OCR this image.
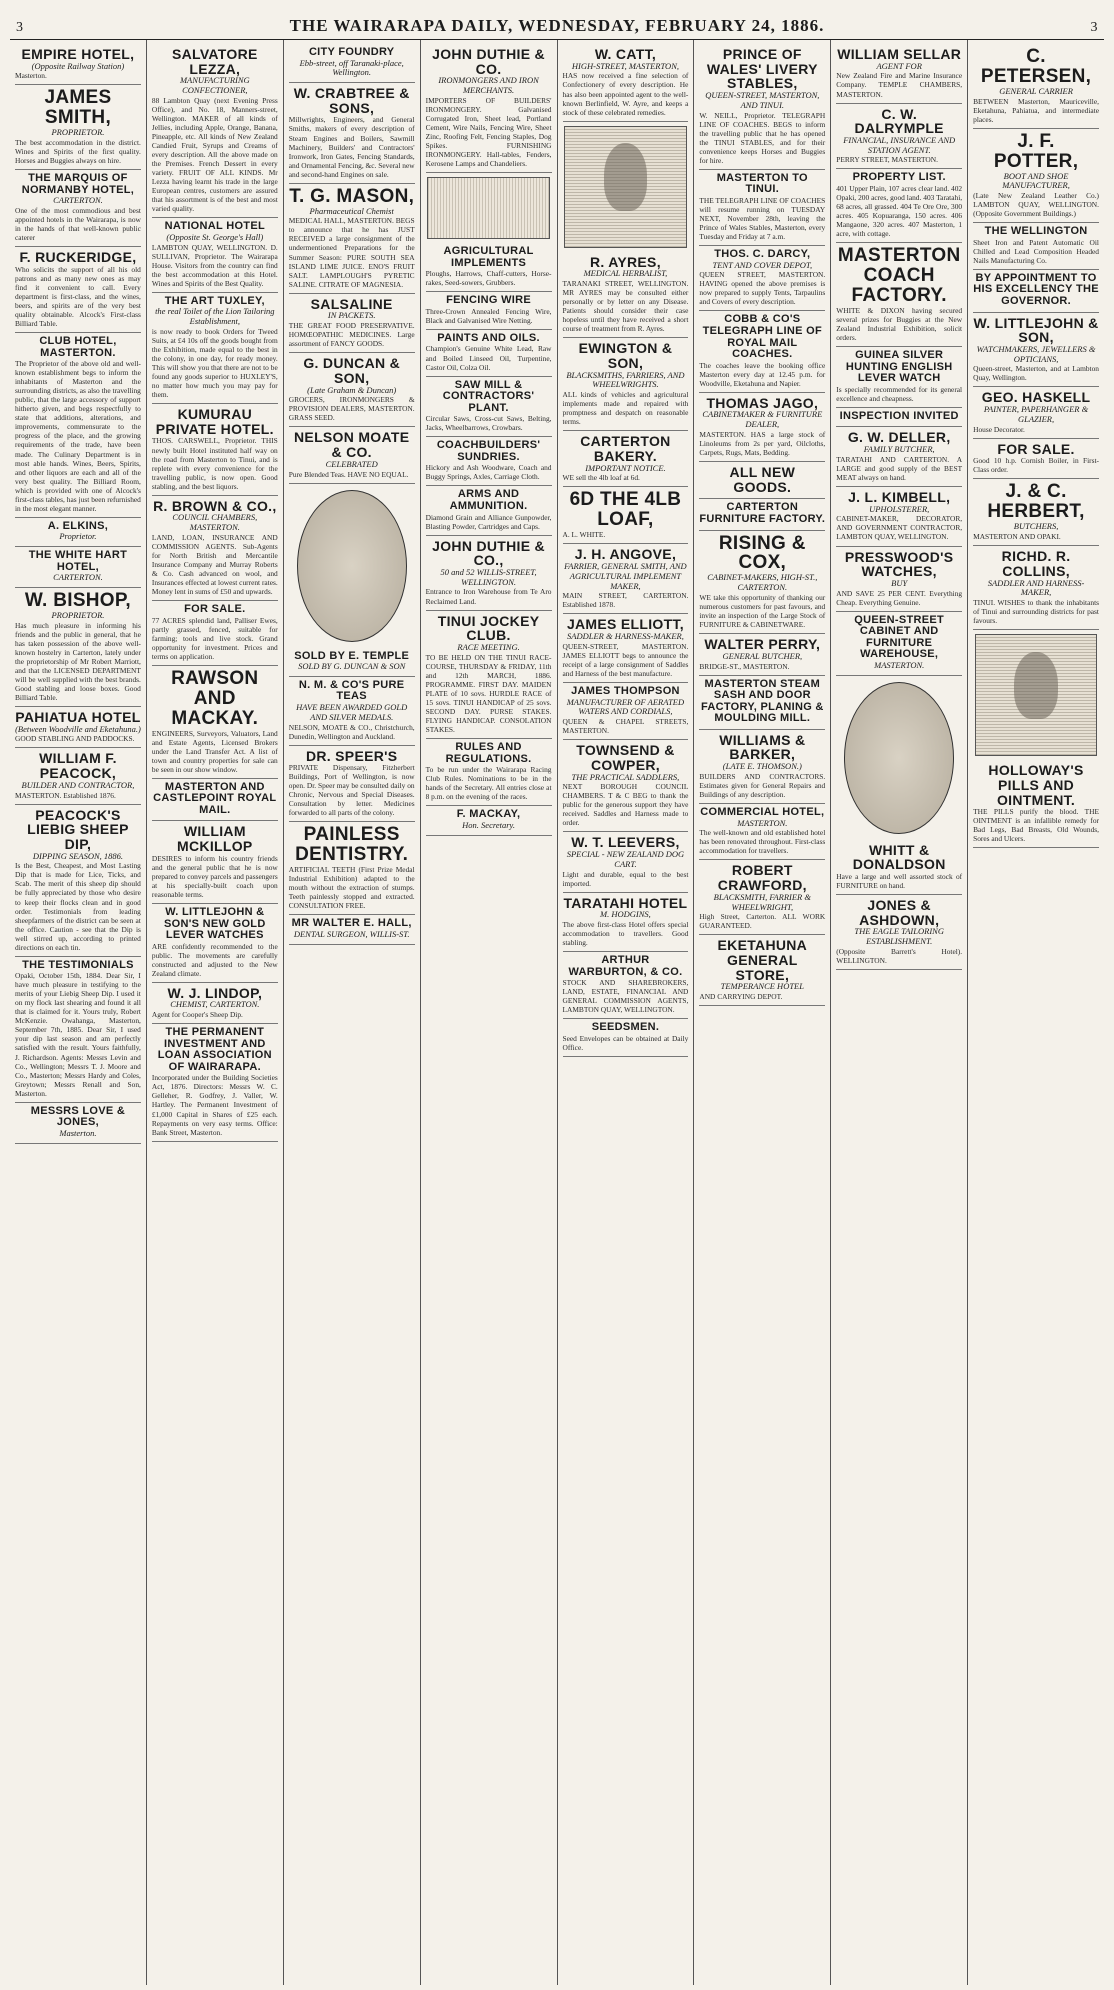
3	THE WAIRARAPA DAILY, WEDNESDAY, FEBRUARY 24, 1886.	3
EMPIRE HOTEL,
(Opposite Railway Station)
Masterton.
JAMES SMITH,
PROPRIETOR.
The best accommodation in the district. Wines and Spirits of the first quality. Horses and Buggies always on hire.
THE MARQUIS OF NORMANBY HOTEL,
CARTERTON.
One of the most commodious and best appointed hotels in the Wairarapa, is now in the hands of that well-known public caterer
F. RUCKERIDGE,
Who solicits the support of all his old patrons and as many new ones as may find it convenient to call. Every department is first-class, and the wines, beers, and spirits are of the very best quality obtainable. Alcock's First-class Billiard Table.
CLUB HOTEL, MASTERTON.
The Proprietor of the above old and well-known establishment begs to inform the inhabitants of Masterton and the surrounding districts, as also the travelling public, that the large accessory of support hitherto given, and begs respectfully to state that additions, alterations, and improvements, commensurate to the progress of the place, and the growing requirements of the trade, have been made. The Culinary Department is in most able hands. Wines, Beers, Spirits, and other liquors are each and all of the very best quality. The Billiard Room, which is provided with one of Alcock's first-class tables, has just been refurnished in the most elegant manner.
A. ELKINS,
Proprietor.
THE WHITE HART HOTEL,
CARTERTON.
W. BISHOP,
PROPRIETOR.
Has much pleasure in informing his friends and the public in general, that he has taken possession of the above well-known hostelry in Carterton, lately under the proprietorship of Mr Robert Marriott, and that the LICENSED DEPARTMENT will be well supplied with the best brands. Good stabling and loose boxes. Good Billiard Table.
PAHIATUA HOTEL
(Between Woodville and Eketahuna.)
GOOD STABLING AND PADDOCKS.
WILLIAM F. PEACOCK,
BUILDER AND CONTRACTOR,
MASTERTON. Established 1876.
PEACOCK'S LIEBIG SHEEP DIP,
DIPPING SEASON, 1886.
Is the Best, Cheapest, and Most Lasting Dip that is made for Lice, Ticks, and Scab. The merit of this sheep dip should be fully appreciated by those who desire to keep their flocks clean and in good order. Testimonials from leading sheepfarmers of the district can be seen at the office. Caution - see that the Dip is well stirred up, according to printed directions on each tin.
THE TESTIMONIALS
Opaki, October 15th, 1884. Dear Sir, I have much pleasure in testifying to the merits of your Liebig Sheep Dip. I used it on my flock last shearing and found it all that is claimed for it. Yours truly, Robert McKenzie. Owahanga, Masterton, September 7th, 1885. Dear Sir, I used your dip last season and am perfectly satisfied with the result. Yours faithfully, J. Richardson. Agents: Messrs Levin and Co., Wellington; Messrs T. J. Moore and Co., Masterton; Messrs Hardy and Coles, Greytown; Messrs Renall and Son, Masterton.
MESSRS LOVE & JONES,
Masterton.
SALVATORE LEZZA,
MANUFACTURING CONFECTIONER,
88 Lambton Quay (next Evening Press Office), and No. 18, Manners-street, Wellington. MAKER of all kinds of Jellies, including Apple, Orange, Banana, Pineapple, etc. All kinds of New Zealand Candied Fruit, Syrups and Creams of every description. All the above made on the Premises. French Dessert in every variety. FRUIT OF ALL KINDS. Mr Lezza having learnt his trade in the large European centres, customers are assured that his assortment is of the best and most varied quality.
NATIONAL HOTEL
(Opposite St. George's Hall)
LAMBTON QUAY, WELLINGTON. D. SULLIVAN, Proprietor. The Wairarapa House. Visitors from the country can find the best accommodation at this Hotel. Wines and Spirits of the Best Quality.
THE ART TUXLEY,
the real Toilet of the Lion Tailoring Establishment,
is now ready to book Orders for Tweed Suits, at £4 10s off the goods bought from the Exhibition, made equal to the best in the colony, in one day, for ready money. This will show you that there are not to be found any goods superior to HUXLEY'S, no matter how much you may pay for them.
KUMURAU PRIVATE HOTEL.
THOS. CARSWELL, Proprietor. THIS newly built Hotel instituted half way on the road from Masterton to Tinui, and is replete with every convenience for the travelling public, is now open. Good stabling, and the best liquors.
R. BROWN & CO.,
COUNCIL CHAMBERS, MASTERTON.
LAND, LOAN, INSURANCE AND COMMISSION AGENTS. Sub-Agents for North British and Mercantile Insurance Company and Murray Roberts & Co. Cash advanced on wool, and Insurances effected at lowest current rates. Money lent in sums of £50 and upwards.
FOR SALE.
77 ACRES splendid land, Palliser Ewes, partly grassed, fenced, suitable for farming; tools and live stock. Grand opportunity for investment. Prices and terms on application.
RAWSON AND MACKAY.
ENGINEERS, Surveyors, Valuators, Land and Estate Agents, Licensed Brokers under the Land Transfer Act. A list of town and country properties for sale can be seen in our show window.
MASTERTON AND CASTLEPOINT ROYAL MAIL.
WILLIAM MCKILLOP
DESIRES to inform his country friends and the general public that he is now prepared to convey parcels and passengers at his specially-built coach upon reasonable terms.
W. LITTLEJOHN & SON'S NEW GOLD LEVER WATCHES
ARE confidently recommended to the public. The movements are carefully constructed and adjusted to the New Zealand climate.
W. J. LINDOP,
CHEMIST, CARTERTON.
Agent for Cooper's Sheep Dip.
THE PERMANENT INVESTMENT AND LOAN ASSOCIATION OF WAIRARAPA.
Incorporated under the Building Societies Act, 1876. Directors: Messrs W. C. Gelleher, R. Godfrey, J. Valler, W. Hartley. The Permanent Investment of £1,000 Capital in Shares of £25 each. Repayments on very easy terms. Office: Bank Street, Masterton.
CITY FOUNDRY
Ebb-street, off Taranaki-place, Wellington.
W. CRABTREE & SONS,
Millwrights, Engineers, and General Smiths, makers of every description of Steam Engines and Boilers, Sawmill Machinery, Builders' and Contractors' Ironwork, Iron Gates, Fencing Standards, and Ornamental Fencing, &c. Several new and second-hand Engines on sale.
T. G. MASON,
Pharmaceutical Chemist
MEDICAL HALL, MASTERTON. BEGS to announce that he has JUST RECEIVED a large consignment of the undermentioned Preparations for the Summer Season: PURE SOUTH SEA ISLAND LIME JUICE. ENO'S FRUIT SALT. LAMPLOUGH'S PYRETIC SALINE. CITRATE OF MAGNESIA.
SALSALINE
IN PACKETS.
THE GREAT FOOD PRESERVATIVE. HOMŒOPATHIC MEDICINES. Large assortment of FANCY GOODS.
G. DUNCAN & SON,
(Late Graham & Duncan)
GROCERS, IRONMONGERS & PROVISION DEALERS, MASTERTON. GRASS SEED.
NELSON MOATE & CO.
CELEBRATED
Pure Blended Teas. HAVE NO EQUAL.
SOLD BY E. TEMPLE
SOLD BY G. DUNCAN & SON
N. M. & CO'S PURE TEAS
HAVE BEEN AWARDED GOLD AND SILVER MEDALS.
NELSON, MOATE & CO., Christchurch, Dunedin, Wellington and Auckland.
DR. SPEER'S
PRIVATE Dispensary, Fitzherbert Buildings, Port of Wellington, is now open. Dr. Speer may be consulted daily on Chronic, Nervous and Special Diseases. Consultation by letter. Medicines forwarded to all parts of the colony.
PAINLESS DENTISTRY.
ARTIFICIAL TEETH (First Prize Medal Industrial Exhibition) adapted to the mouth without the extraction of stumps. Teeth painlessly stopped and extracted. CONSULTATION FREE.
MR WALTER E. HALL,
DENTAL SURGEON, WILLIS-ST.
JOHN DUTHIE & CO.
IRONMONGERS AND IRON MERCHANTS.
IMPORTERS OF BUILDERS' IRONMONGERY. Galvanised Corrugated Iron, Sheet lead, Portland Cement, Wire Nails, Fencing Wire, Sheet Zinc, Roofing Felt, Fencing Staples, Dog Spikes. FURNISHING IRONMONGERY. Hall-tables, Fenders, Kerosene Lamps and Chandeliers.
AGRICULTURAL IMPLEMENTS
Ploughs, Harrows, Chaff-cutters, Horse-rakes, Seed-sowers, Grubbers.
FENCING WIRE
Three-Crown Annealed Fencing Wire, Black and Galvanised Wire Netting.
PAINTS AND OILS.
Champion's Genuine White Lead, Raw and Boiled Linseed Oil, Turpentine, Castor Oil, Colza Oil.
SAW MILL & CONTRACTORS' PLANT.
Circular Saws, Cross-cut Saws, Belting, Jacks, Wheelbarrows, Crowbars.
COACHBUILDERS' SUNDRIES.
Hickory and Ash Woodware, Coach and Buggy Springs, Axles, Carriage Cloth.
ARMS AND AMMUNITION.
Diamond Grain and Alliance Gunpowder, Blasting Powder, Cartridges and Caps.
JOHN DUTHIE & CO.,
50 and 52 WILLIS-STREET, WELLINGTON.
Entrance to Iron Warehouse from Te Aro Reclaimed Land.
TINUI JOCKEY CLUB.
RACE MEETING.
TO BE HELD ON THE TINUI RACE-COURSE, THURSDAY & FRIDAY, 11th and 12th MARCH, 1886. PROGRAMME. FIRST DAY. MAIDEN PLATE of 10 sovs. HURDLE RACE of 15 sovs. TINUI HANDICAP of 25 sovs. SECOND DAY. PURSE STAKES. FLYING HANDICAP. CONSOLATION STAKES.
RULES AND REGULATIONS.
To be run under the Wairarapa Racing Club Rules. Nominations to be in the hands of the Secretary. All entries close at 8 p.m. on the evening of the races.
F. MACKAY,
Hon. Secretary.
W. CATT,
HIGH-STREET, MASTERTON,
HAS now received a fine selection of Confectionery of every description. He has also been appointed agent to the well-known Berlinfield, W. Ayre, and keeps a stock of these celebrated remedies.
R. AYRES,
MEDICAL HERBALIST,
TARANAKI STREET, WELLINGTON. MR AYRES may be consulted either personally or by letter on any Disease. Patients should consider their case hopeless until they have received a short course of treatment from R. Ayres.
EWINGTON & SON,
BLACKSMITHS, FARRIERS, AND WHEELWRIGHTS.
ALL kinds of vehicles and agricultural implements made and repaired with promptness and despatch on reasonable terms.
CARTERTON BAKERY.
IMPORTANT NOTICE.
WE sell the 4lb loaf at 6d.
6D THE 4LB LOAF,
A. L. WHITE.
J. H. ANGOVE,
FARRIER, GENERAL SMITH, AND AGRICULTURAL IMPLEMENT MAKER,
MAIN STREET, CARTERTON. Established 1878.
JAMES ELLIOTT,
SADDLER & HARNESS-MAKER,
QUEEN-STREET, MASTERTON. JAMES ELLIOTT begs to announce the receipt of a large consignment of Saddles and Harness of the best manufacture.
JAMES THOMPSON
MANUFACTURER OF AERATED WATERS AND CORDIALS,
QUEEN & CHAPEL STREETS, MASTERTON.
TOWNSEND & COWPER,
THE PRACTICAL SADDLERS,
NEXT BOROUGH COUNCIL CHAMBERS. T & C BEG to thank the public for the generous support they have received. Saddles and Harness made to order.
W. T. LEEVERS,
SPECIAL - NEW ZEALAND DOG CART.
Light and durable, equal to the best imported.
TARATAHI HOTEL
M. HODGINS,
The above first-class Hotel offers special accommodation to travellers. Good stabling.
ARTHUR WARBURTON, & CO.
STOCK AND SHAREBROKERS, LAND, ESTATE, FINANCIAL AND GENERAL COMMISSION AGENTS, LAMBTON QUAY, WELLINGTON.
SEEDSMEN.
Seed Envelopes can be obtained at Daily Office.
PRINCE OF WALES' LIVERY STABLES,
QUEEN-STREET, MASTERTON, AND TINUI.
W. NEILL, Proprietor. TELEGRAPH LINE OF COACHES. BEGS to inform the travelling public that he has opened the TINUI STABLES, and for their convenience keeps Horses and Buggies for hire.
MASTERTON TO TINUI.
THE TELEGRAPH LINE OF COACHES will resume running on TUESDAY NEXT, November 28th, leaving the Prince of Wales Stables, Masterton, every Tuesday and Friday at 7 a.m.
THOS. C. DARCY,
TENT AND COVER DEPOT,
QUEEN STREET, MASTERTON. HAVING opened the above premises is now prepared to supply Tents, Tarpaulins and Covers of every description.
COBB & CO'S TELEGRAPH LINE OF ROYAL MAIL COACHES.
The coaches leave the booking office Masterton every day at 12.45 p.m. for Woodville, Eketahuna and Napier.
THOMAS JAGO,
CABINETMAKER & FURNITURE DEALER,
MASTERTON. HAS a large stock of Linoleums from 2s per yard, Oilcloths, Carpets, Rugs, Mats, Bedding.
ALL NEW GOODS.
CARTERTON FURNITURE FACTORY.
RISING & COX,
CABINET-MAKERS, HIGH-ST., CARTERTON.
WE take this opportunity of thanking our numerous customers for past favours, and invite an inspection of the Large Stock of FURNITURE & CABINETWARE.
WALTER PERRY,
GENERAL BUTCHER,
BRIDGE-ST., MASTERTON.
MASTERTON STEAM SASH AND DOOR FACTORY, PLANING & MOULDING MILL.
WILLIAMS & BARKER,
(LATE E. THOMSON.)
BUILDERS AND CONTRACTORS. Estimates given for General Repairs and Buildings of any description.
COMMERCIAL HOTEL,
MASTERTON.
The well-known and old established hotel has been renovated throughout. First-class accommodation for travellers.
ROBERT CRAWFORD,
BLACKSMITH, FARRIER & WHEELWRIGHT,
High Street, Carterton. ALL WORK GUARANTEED.
EKETAHUNA GENERAL STORE,
TEMPERANCE HOTEL
AND CARRYING DEPOT.
WILLIAM SELLAR
AGENT FOR
New Zealand Fire and Marine Insurance Company. TEMPLE CHAMBERS, MASTERTON.
C. W. DALRYMPLE
FINANCIAL, INSURANCE AND STATION AGENT.
PERRY STREET, MASTERTON.
PROPERTY LIST.
401 Upper Plain, 107 acres clear land. 402 Opaki, 200 acres, good land. 403 Taratahi, 68 acres, all grassed. 404 Te Ore Ore, 300 acres. 405 Kopuaranga, 150 acres. 406 Mangaone, 320 acres. 407 Masterton, 1 acre, with cottage.
MASTERTON COACH FACTORY.
WHITE & DIXON having secured several prizes for Buggies at the New Zealand Industrial Exhibition, solicit orders.
GUINEA SILVER HUNTING ENGLISH LEVER WATCH
Is specially recommended for its general excellence and cheapness.
INSPECTION INVITED
G. W. DELLER,
FAMILY BUTCHER,
TARATAHI AND CARTERTON. A LARGE and good supply of the BEST MEAT always on hand.
J. L. KIMBELL,
UPHOLSTERER,
CABINET-MAKER, DECORATOR, AND GOVERNMENT CONTRACTOR, LAMBTON QUAY, WELLINGTON.
PRESSWOOD'S WATCHES,
BUY
AND SAVE 25 PER CENT. Everything Cheap. Everything Genuine.
QUEEN-STREET CABINET AND FURNITURE WAREHOUSE,
MASTERTON.
WHITT & DONALDSON
Have a large and well assorted stock of FURNITURE on hand.
JONES & ASHDOWN,
THE EAGLE TAILORING ESTABLISHMENT.
(Opposite Barrett's Hotel). WELLINGTON.
C. PETERSEN,
GENERAL CARRIER
BETWEEN Masterton, Mauriceville, Eketahuna, Pahiatua, and intermediate places.
J. F. POTTER,
BOOT AND SHOE MANUFACTURER,
(Late New Zealand Leather Co.) LAMBTON QUAY, WELLINGTON. (Opposite Government Buildings.)
THE WELLINGTON
Sheet Iron and Patent Automatic Oil Chilled and Lead Composition Headed Nails Manufacturing Co.
BY APPOINTMENT TO HIS EXCELLENCY THE GOVERNOR.
W. LITTLEJOHN & SON,
WATCHMAKERS, JEWELLERS & OPTICIANS,
Queen-street, Masterton, and at Lambton Quay, Wellington.
GEO. HASKELL
PAINTER, PAPERHANGER & GLAZIER,
House Decorator.
FOR SALE.
Good 10 h.p. Cornish Boiler, in First-Class order.
J. & C. HERBERT,
BUTCHERS,
MASTERTON AND OPAKI.
RICHD. R. COLLINS,
SADDLER AND HARNESS-MAKER,
TINUI. WISHES to thank the inhabitants of Tinui and surrounding districts for past favours.
HOLLOWAY'S PILLS AND OINTMENT.
THE PILLS purify the blood. THE OINTMENT is an infallible remedy for Bad Legs, Bad Breasts, Old Wounds, Sores and Ulcers.
